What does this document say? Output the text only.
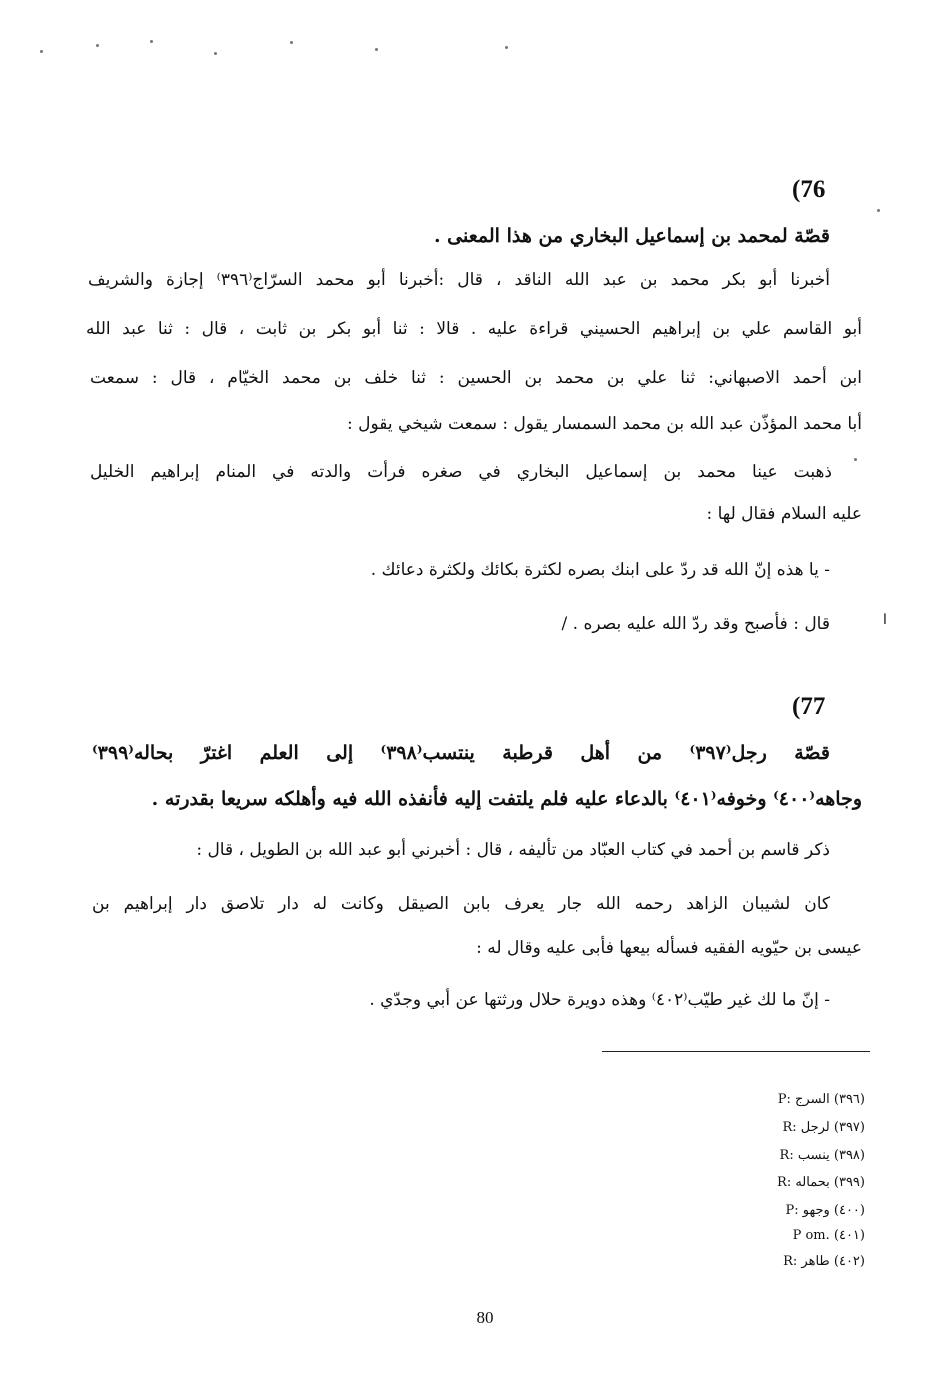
ا
(76
قصّة لمحمد بن إسماعيل البخاري من هذا المعنى .
أخبرنا أبو بكر محمد بن عبد الله الناقد ، قال :أخبرنا أبو محمد السرّاج⁽٣٩٦⁾ إجازة والشريف
أبو القاسم علي بن إبراهيم الحسيني قراءة عليه . قالا : ثنا أبو بكر بن ثابت ، قال : ثنا عبد الله
ابن أحمد الاصبهاني: ثنا علي بن محمد بن الحسين : ثنا خلف بن محمد الخيّام ، قال : سمعت
أبا محمد المؤذّن عبد الله بن محمد السمسار يقول : سمعت شيخي يقول :
ذهبت عينا محمد بن إسماعيل البخاري في صغره فرأت والدته في المنام إبراهيم الخليل
عليه السلام فقال لها :
- يا هذه إنّ الله قد ردّ على ابنك بصره لكثرة بكائك ولكثرة دعائك .
قال : فأصبح وقد ردّ الله عليه بصره . /
(77
قصّة رجل⁽٣٩٧⁾ من أهل قرطبة ينتسب⁽٣٩٨⁾ إلى العلم اغترّ بحاله⁽٣٩٩⁾
وجاهه⁽٤٠٠⁾ وخوفه⁽٤٠١⁾ بالدعاء عليه فلم يلتفت إليه فأنفذه الله فيه وأهلكه سريعا بقدرته .
ذكر قاسم بن أحمد في كتاب العبّاد من تأليفه ، قال : أخبرني أبو عبد الله بن الطويل ، قال :
كان لشيبان الزاهد رحمه الله جار يعرف بابن الصيقل وكانت له دار تلاصق دار إبراهيم بن
عيسى بن حيّويه الفقيه فسأله بيعها فأبى عليه وقال له :
- إنّ ما لك غير طيّب⁽٤٠٢⁾ وهذه دويرة حلال ورثتها عن أبي وجدّي .
(٣٩٦) السرج :P
(٣٩٧) لرجل :R
(٣٩٨) ينسب :R
(٣٩٩) بحماله :R
(٤٠٠) وجهو :P
(٤٠١) .P om
(٤٠٢) طاهر :R
80
